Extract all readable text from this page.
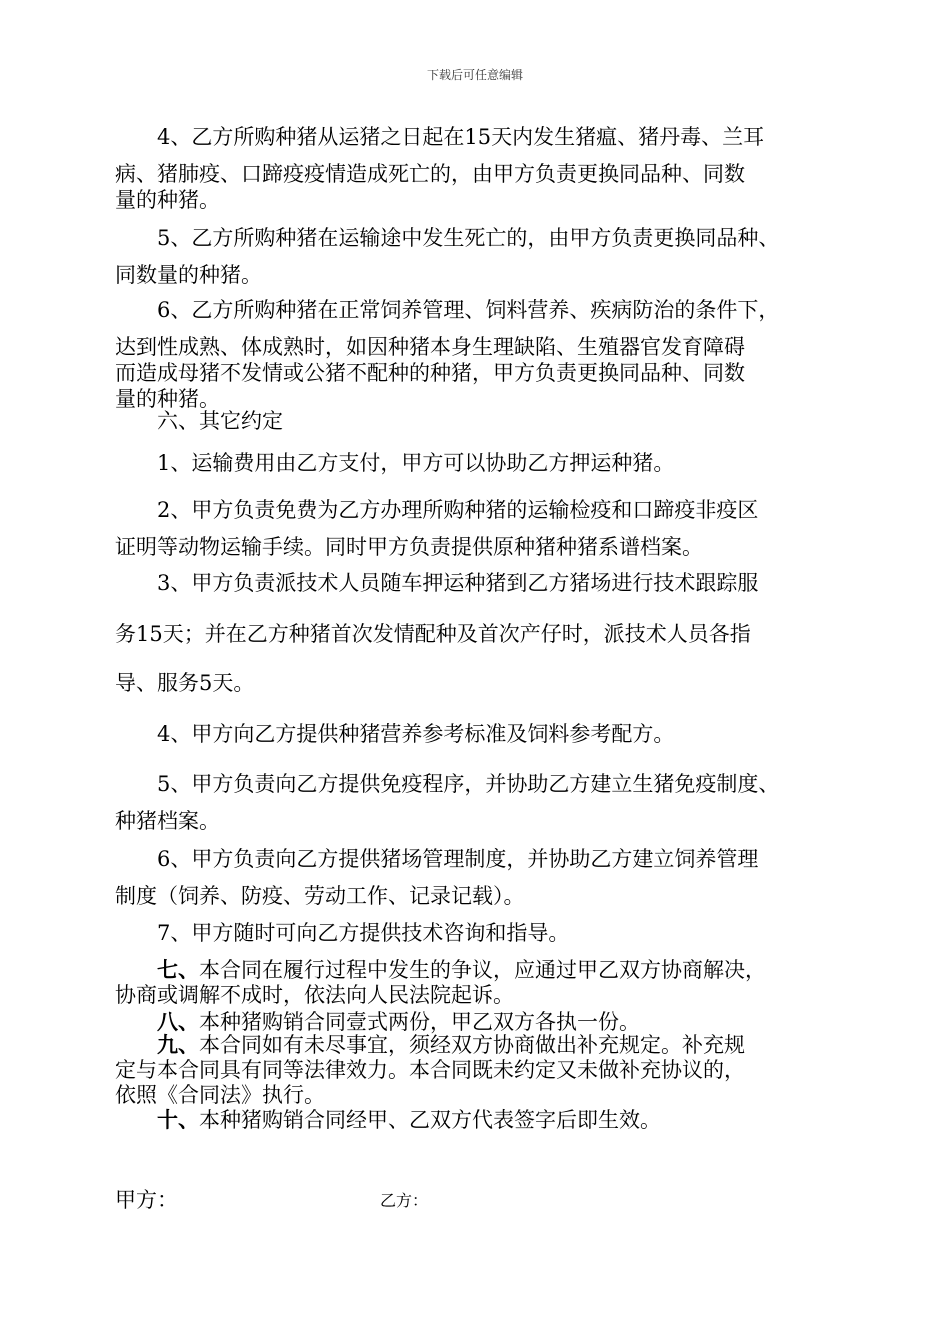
下载后可任意编辑
4、乙方所购种猪从运猪之日起在15天内发生猪瘟、猪丹毒、兰耳
病、猪肺疫、口蹄疫疫情造成死亡的，由甲方负责更换同品种、同数
量的种猪。
5、乙方所购种猪在运输途中发生死亡的，由甲方负责更换同品种、
同数量的种猪。
6、乙方所购种猪在正常饲养管理、饲料营养、疾病防治的条件下，
达到性成熟、体成熟时，如因种猪本身生理缺陷、生殖器官发育障碍
而造成母猪不发情或公猪不配种的种猪，甲方负责更换同品种、同数
量的种猪。
六、其它约定
1、运输费用由乙方支付，甲方可以协助乙方押运种猪。
2、甲方负责免费为乙方办理所购种猪的运输检疫和口蹄疫非疫区
证明等动物运输手续。同时甲方负责提供原种猪种猪系谱档案。
3、甲方负责派技术人员随车押运种猪到乙方猪场进行技术跟踪服
务15天；并在乙方种猪首次发情配种及首次产仔时，派技术人员各指
导、服务5天。
4、甲方向乙方提供种猪营养参考标准及饲料参考配方。
5、甲方负责向乙方提供免疫程序，并协助乙方建立生猪免疫制度、
种猪档案。
6、甲方负责向乙方提供猪场管理制度，并协助乙方建立饲养管理
制度（饲养、防疫、劳动工作、记录记载）。
7、甲方随时可向乙方提供技术咨询和指导。
七、本合同在履行过程中发生的争议，应通过甲乙双方协商解决，
协商或调解不成时，依法向人民法院起诉。
八、本种猪购销合同壹式两份，甲乙双方各执一份。
九、本合同如有未尽事宜，须经双方协商做出补充规定。补充规
定与本合同具有同等法律效力。本合同既未约定又未做补充协议的，
依照《合同法》执行。
十、本种猪购销合同经甲、乙双方代表签字后即生效。
甲方：	乙方：
